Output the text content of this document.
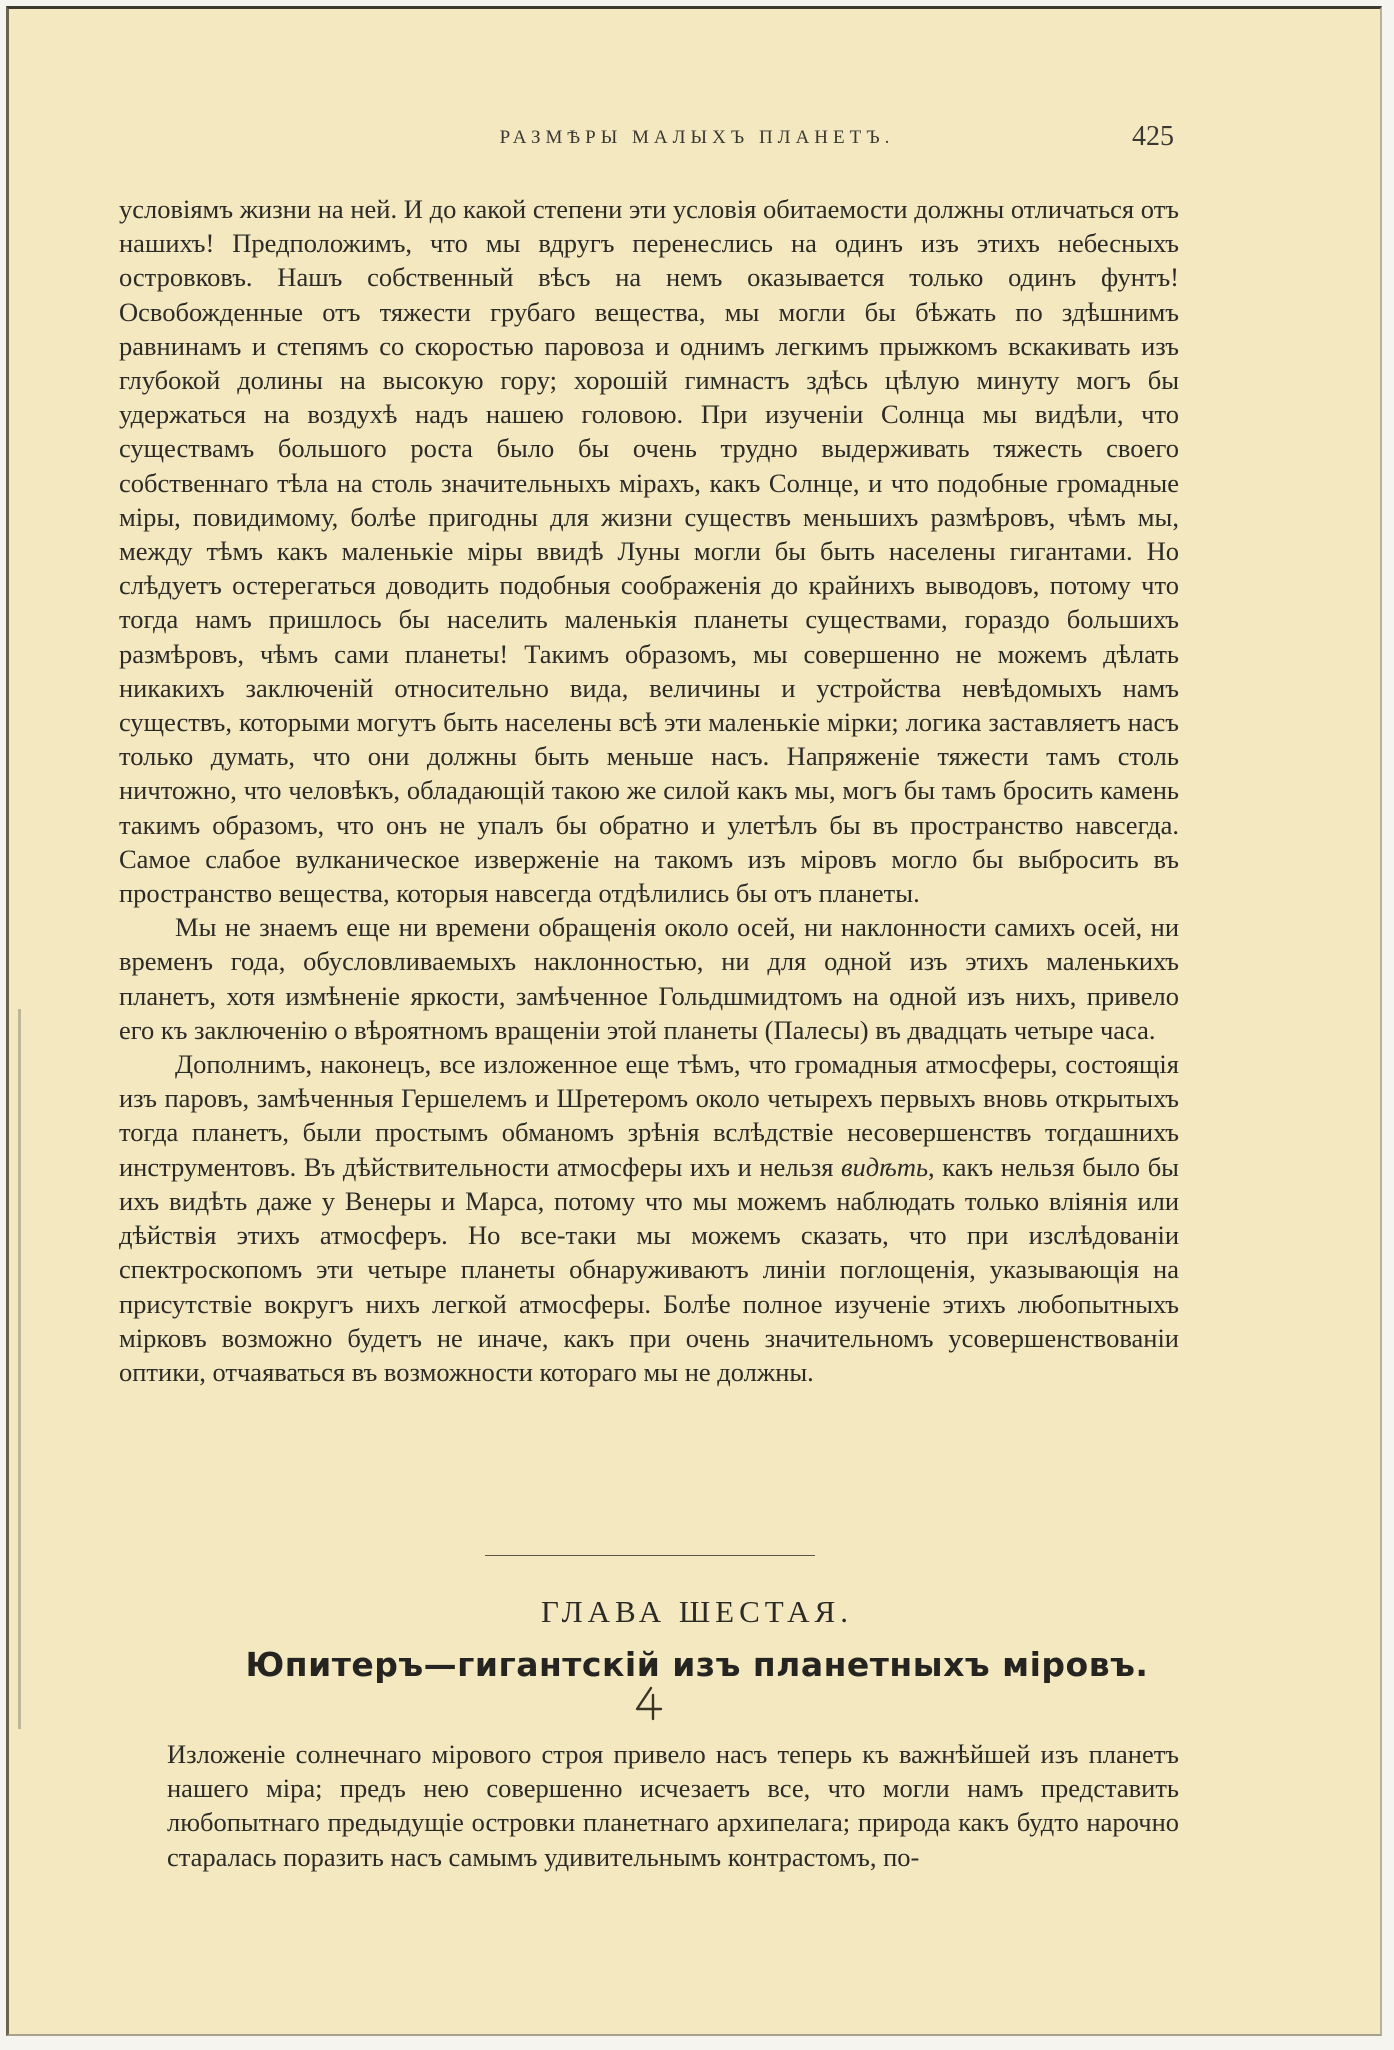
РАЗМѢРЫ МАЛЫХЪ ПЛАНЕТЪ.	425

условіямъ жизни на ней. И до какой степени эти условія обитаемости должны отличаться отъ нашихъ! Предположимъ, что мы вдругъ перенеслись на одинъ изъ этихъ небесныхъ островковъ. Нашъ собственный вѣсъ на немъ оказывается только одинъ фунтъ! Освобожденные отъ тяжести грубаго вещества, мы могли бы бѣжать по здѣшнимъ равнинамъ и степямъ со скоростью паровоза и однимъ легкимъ прыжкомъ вскакивать изъ глубокой долины на высокую гору; хорошій гимнастъ здѣсь цѣлую минуту могъ бы удержаться на воздухѣ надъ нашею головою. При изученіи Солнца мы видѣли, что существамъ большого роста было бы очень трудно выдерживать тяжесть своего собственнаго тѣла на столь значительныхъ мірахъ, какъ Солнце, и что подобные громадные міры, повидимому, болѣе пригодны для жизни существъ меньшихъ размѣровъ, чѣмъ мы, между тѣмъ какъ маленькіе міры ввидѣ Луны могли бы быть населены гигантами. Но слѣдуетъ остерегаться доводить подобныя соображенія до крайнихъ выводовъ, потому что тогда намъ пришлось бы населить маленькія планеты существами, гораздо большихъ размѣровъ, чѣмъ сами планеты! Такимъ образомъ, мы совершенно не можемъ дѣлать никакихъ заключеній относительно вида, величины и устройства невѣдомыхъ намъ существъ, которыми могутъ быть населены всѣ эти маленькіе мірки; логика заставляетъ насъ только думать, что они должны быть меньше насъ. Напряженіе тяжести тамъ столь ничтожно, что человѣкъ, обладающій такою же силой какъ мы, могъ бы тамъ бросить камень такимъ образомъ, что онъ не упалъ бы обратно и улетѣлъ бы въ пространство навсегда. Самое слабое вулканическое изверженіе на такомъ изъ міровъ могло бы выбросить въ пространство вещества, которыя навсегда отдѣлились бы отъ планеты.

Мы не знаемъ еще ни времени обращенія около осей, ни наклонности самихъ осей, ни временъ года, обусловливаемыхъ наклонностью, ни для одной изъ этихъ маленькихъ планетъ, хотя измѣненіе яркости, замѣченное Гольдшмидтомъ на одной изъ нихъ, привело его къ заключенію о вѣроятномъ вращеніи этой планеты (Палесы) въ двадцать четыре часа.

Дополнимъ, наконецъ, все изложенное еще тѣмъ, что громадныя атмосферы, состоящія изъ паровъ, замѣченныя Гершелемъ и Шретеромъ около четырехъ первыхъ вновь открытыхъ тогда планетъ, были простымъ обманомъ зрѣнія вслѣдствіе несовершенствъ тогдашнихъ инструментовъ. Въ дѣйствительности атмосферы ихъ и нельзя видѣть, какъ нельзя было бы ихъ видѣть даже у Венеры и Марса, потому что мы можемъ наблюдать только вліянія или дѣйствія этихъ атмосферъ. Но все-таки мы можемъ сказать, что при изслѣдованіи спектроскопомъ эти четыре планеты обнаруживаютъ линіи поглощенія, указывающія на присутствіе вокругъ нихъ легкой атмосферы. Болѣе полное изученіе этихъ любопытныхъ мірковъ возможно будетъ не иначе, какъ при очень значительномъ усовершенствованіи оптики, отчаяваться въ возможности котораго мы не должны.

ГЛАВА ШЕСТАЯ.
Юпитеръ—гигантскій изъ планетныхъ міровъ.

Изложеніе солнечнаго мірового строя привело насъ теперь къ важнѣйшей изъ планетъ нашего міра; предъ нею совершенно исчезаетъ все, что могли намъ представить любопытнаго предыдущіе островки планетнаго архипелага; природа какъ будто нарочно старалась поразить насъ самымъ удивительнымъ контрастомъ, по-
